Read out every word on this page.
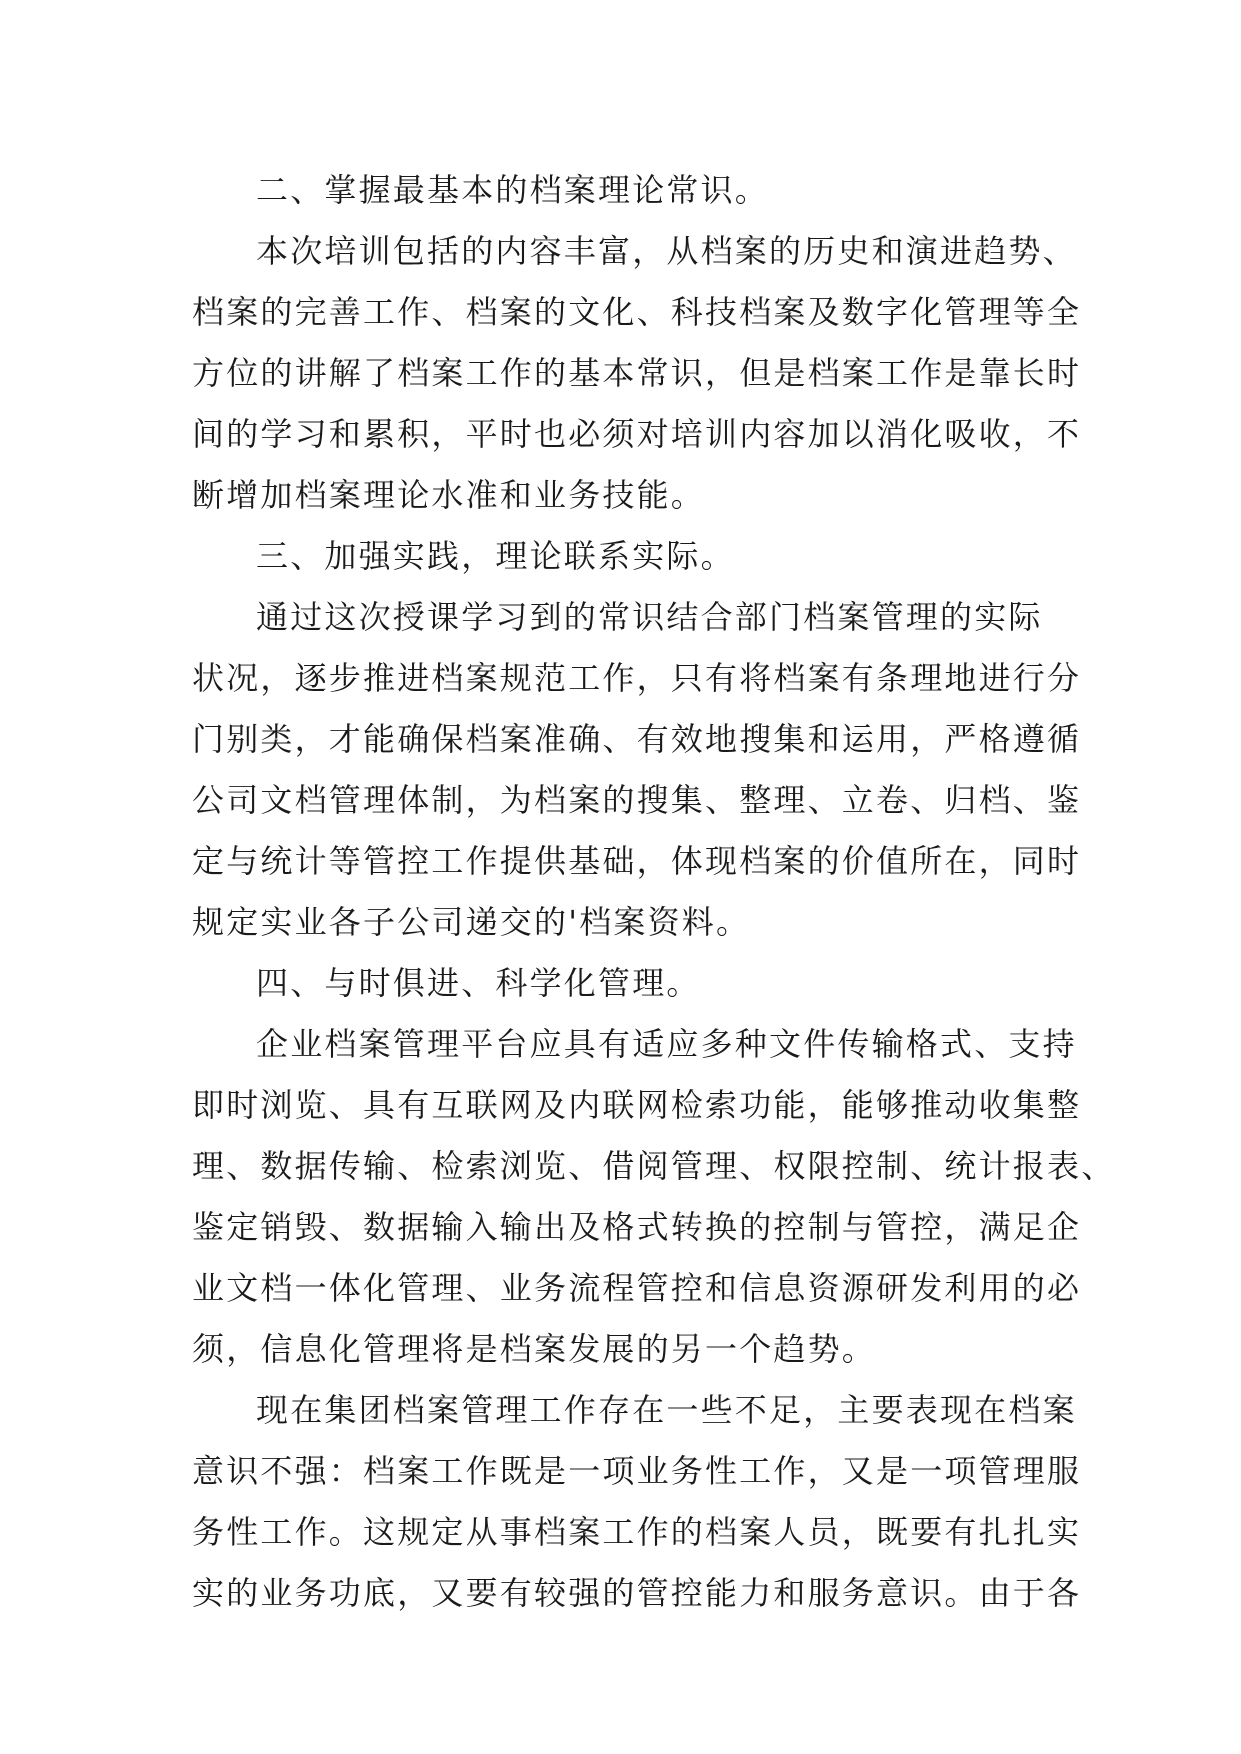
二、掌握最基本的档案理论常识。
本次培训包括的内容丰富，从档案的历史和演进趋势、
档案的完善工作、档案的文化、科技档案及数字化管理等全
方位的讲解了档案工作的基本常识，但是档案工作是靠长时
间的学习和累积，平时也必须对培训内容加以消化吸收，不
断增加档案理论水准和业务技能。
三、加强实践，理论联系实际。
通过这次授课学习到的常识结合部门档案管理的实际
状况，逐步推进档案规范工作，只有将档案有条理地进行分
门别类，才能确保档案准确、有效地搜集和运用，严格遵循
公司文档管理体制，为档案的搜集、整理、立卷、归档、鉴
定与统计等管控工作提供基础，体现档案的价值所在，同时
规定实业各子公司递交的'档案资料。
四、与时俱进、科学化管理。
企业档案管理平台应具有适应多种文件传输格式、支持
即时浏览、具有互联网及内联网检索功能，能够推动收集整
理、数据传输、检索浏览、借阅管理、权限控制、统计报表、
鉴定销毁、数据输入输出及格式转换的控制与管控，满足企
业文档一体化管理、业务流程管控和信息资源研发利用的必
须，信息化管理将是档案发展的另一个趋势。
现在集团档案管理工作存在一些不足，主要表现在档案
意识不强：档案工作既是一项业务性工作，又是一项管理服
务性工作。这规定从事档案工作的档案人员，既要有扎扎实
实的业务功底，又要有较强的管控能力和服务意识。由于各
